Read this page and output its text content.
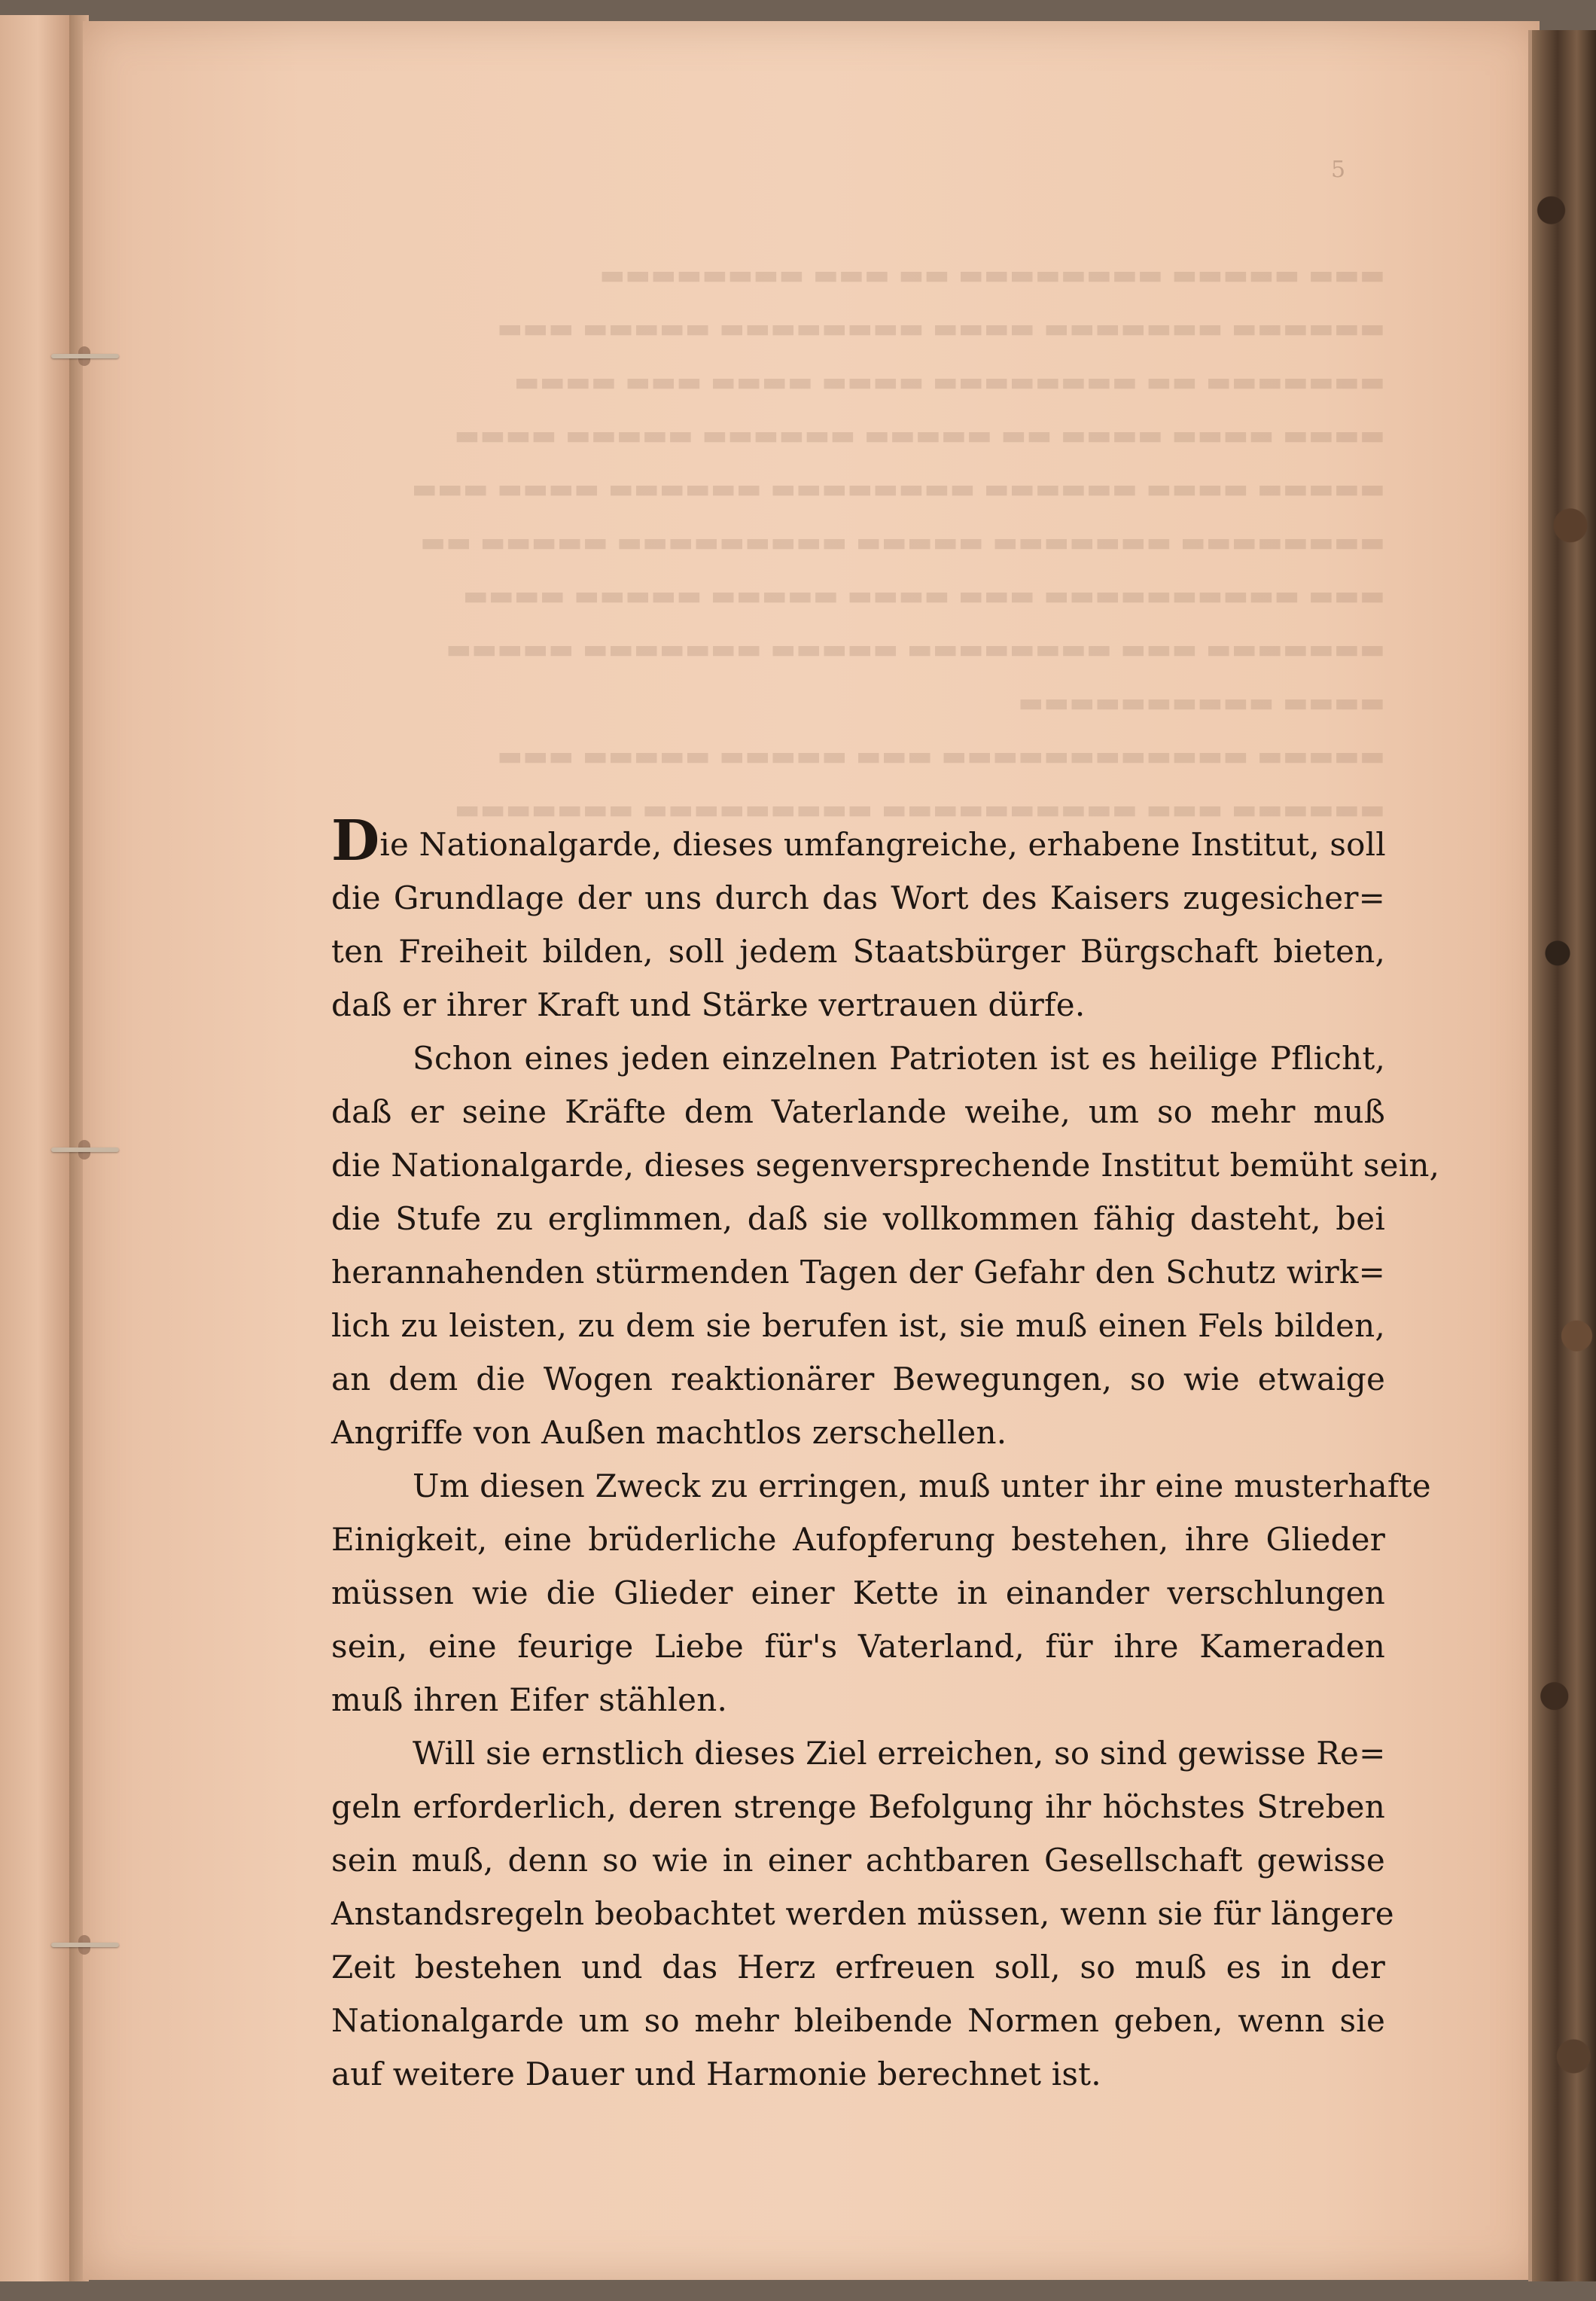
5
▬▬▬ ▬▬▬▬▬ ▬▬▬▬▬▬▬▬ ▬▬ ▬▬▬ ▬▬▬▬▬▬▬▬
▬▬▬▬▬▬ ▬▬▬▬▬▬▬ ▬▬▬▬ ▬▬▬▬▬▬▬▬ ▬▬▬▬▬ ▬▬▬
▬▬▬▬▬▬▬ ▬▬ ▬▬▬▬▬▬▬▬ ▬▬▬▬ ▬▬▬▬ ▬▬▬ ▬▬▬▬
▬▬▬▬ ▬▬▬▬ ▬▬▬▬ ▬▬ ▬▬▬▬▬ ▬▬▬▬▬▬ ▬▬▬▬▬ ▬▬▬▬
▬▬▬▬▬ ▬▬▬▬ ▬▬▬▬▬▬ ▬▬▬▬▬▬▬▬ ▬▬▬▬▬▬ ▬▬▬▬ ▬▬▬
▬▬▬▬▬▬▬▬ ▬▬▬▬▬▬▬ ▬▬▬▬▬ ▬▬▬▬▬▬▬▬▬ ▬▬▬▬▬ ▬▬
▬▬▬ ▬▬▬▬▬▬▬▬▬▬ ▬▬▬ ▬▬▬▬ ▬▬▬▬▬ ▬▬▬▬▬ ▬▬▬▬
▬▬▬▬▬▬▬ ▬▬▬ ▬▬▬▬▬▬▬▬ ▬▬▬▬▬ ▬▬▬▬▬▬▬ ▬▬▬▬▬
▬▬▬▬ ▬▬▬▬▬▬▬▬▬▬
▬▬▬▬▬ ▬▬▬▬▬▬▬▬▬▬▬▬ ▬▬▬ ▬▬▬▬▬ ▬▬▬▬▬ ▬▬▬
▬▬▬▬▬▬ ▬▬▬ ▬▬▬▬▬▬▬▬▬▬ ▬▬▬▬▬▬▬▬▬ ▬▬▬▬▬▬▬
Die Nationalgarde, dieses umfangreiche, erhabene Institut, soll
die Grundlage der uns durch das Wort des Kaisers zugesicher=
ten Freiheit bilden, soll jedem Staatsbürger Bürgschaft bieten,
daß er ihrer Kraft und Stärke vertrauen dürfe.
Schon eines jeden einzelnen Patrioten ist es heilige Pflicht,
daß er seine Kräfte dem Vaterlande weihe, um so mehr muß
die Nationalgarde, dieses segenversprechende Institut bemüht sein,
die Stufe zu erglimmen, daß sie vollkommen fähig dasteht, bei
herannahenden stürmenden Tagen der Gefahr den Schutz wirk=
lich zu leisten, zu dem sie berufen ist, sie muß einen Fels bilden,
an dem die Wogen reaktionärer Bewegungen, so wie etwaige
Angriffe von Außen machtlos zerschellen.
Um diesen Zweck zu erringen, muß unter ihr eine musterhafte
Einigkeit, eine brüderliche Aufopferung bestehen, ihre Glieder
müssen wie die Glieder einer Kette in einander verschlungen
sein, eine feurige Liebe für's Vaterland, für ihre Kameraden
muß ihren Eifer stählen.
Will sie ernstlich dieses Ziel erreichen, so sind gewisse Re=
geln erforderlich, deren strenge Befolgung ihr höchstes Streben
sein muß, denn so wie in einer achtbaren Gesellschaft gewisse
Anstandsregeln beobachtet werden müssen, wenn sie für längere
Zeit bestehen und das Herz erfreuen soll, so muß es in der
Nationalgarde um so mehr bleibende Normen geben, wenn sie
auf weitere Dauer und Harmonie berechnet ist.
